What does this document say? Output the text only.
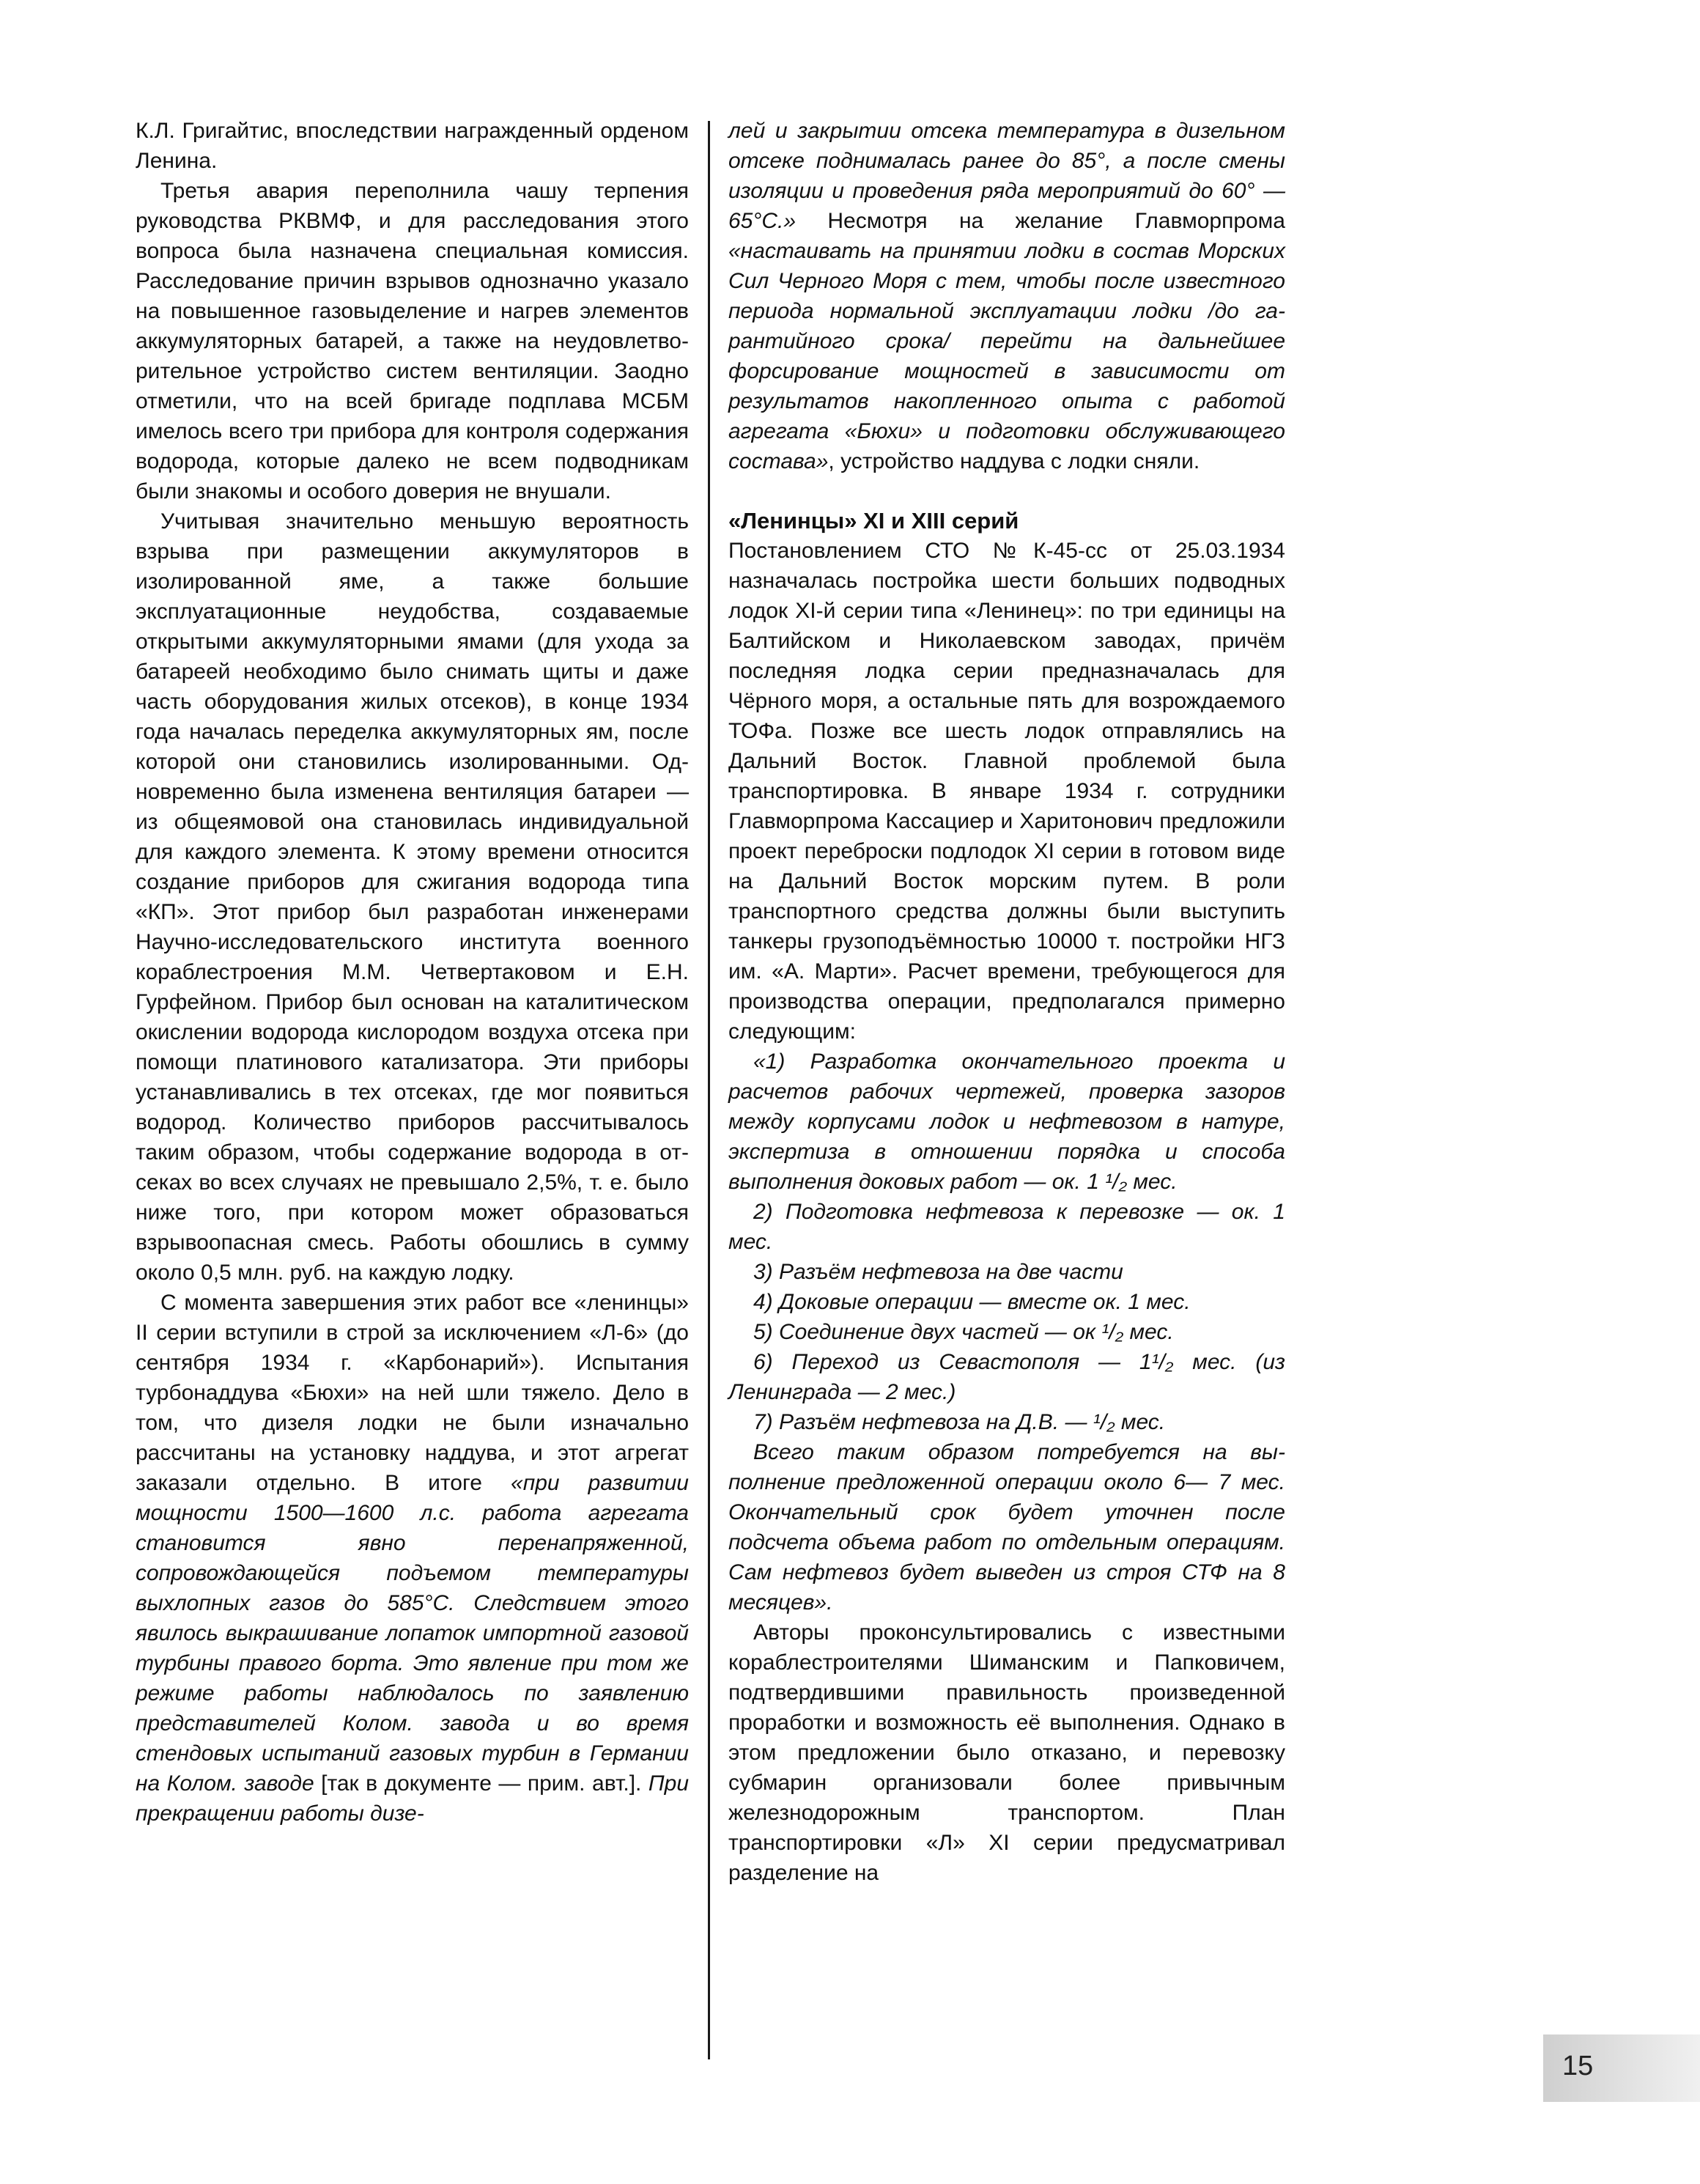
К.Л. Григайтис, впоследствии награжденный орденом Ленина.

Третья авария переполнила чашу терпения руководства РКВМФ, и для расследования этого вопроса была назначена специальная комиссия. Расследование причин взрывов однозначно указало на повышенное газовыделение и нагрев элементов аккумуляторных батарей, а также на неудовлетворительное устройство систем вентиляции. Заодно отметили, что на всей бригаде подплава МСБМ имелось всего три прибора для контроля содержания водорода, которые далеко не всем подводникам были знакомы и особого доверия не внушали.

Учитывая значительно меньшую вероятность взрыва при размещении аккумуляторов в изолированной яме, а также большие эксплуатационные неудобства, создаваемые открытыми аккумуляторными ямами (для ухода за батареей необходимо было снимать щиты и даже часть оборудования жилых отсеков), в конце 1934 года началась переделка аккумуляторных ям, после которой они становились изолированными. Одновременно была изменена вентиляция батареи — из общеямовой она становилась индивидуальной для каждого элемента. К этому времени относится создание приборов для сжигания водорода типа «КП». Этот прибор был разработан инженерами Научно-исследовательского института военного кораблестроения М.М. Четвертаковом и Е.Н. Гурфейном. Прибор был основан на каталитическом окислении водорода кислородом воздуха отсека при помощи платинового катализатора. Эти приборы устанавливались в тех отсеках, где мог появиться водород. Количество приборов рассчитывалось таким образом, чтобы содержание водорода в отсеках во всех случаях не превышало 2,5%, т. е. было ниже того, при котором может образоваться взрывоопасная смесь. Работы обошлись в сумму около 0,5 млн. руб. на каждую лодку.

С момента завершения этих работ все «ленинцы» II серии вступили в строй за исключением «Л-6» (до сентября 1934 г. «Карбонарий»). Испытания турбонаддува «Бюхи» на ней шли тяжело. Дело в том, что дизеля лодки не были изначально рассчитаны на установку наддува, и этот агрегат заказали отдельно. В итоге «при развитии мощности 1500—1600 л.с. работа агрегата становится явно перенапряженной, сопровождающейся подъемом температуры выхлопных газов до 585°С. Следствием этого явилось выкрашивание лопаток импортной газовой турбины правого борта. Это явление при том же режиме работы наблюдалось по заявлению представителей Колом. завода и во время стендовых испытаний газовых турбин в Германии на Колом. заводе [так в документе — прим. авт.]. При прекращении работы дизе-

лей и закрытии отсека температура в дизельном отсеке поднималась ранее до 85°, а после смены изоляции и проведения ряда мероприятий до 60° — 65°С.» Несмотря на желание Главморпрома «настаивать на принятии лодки в состав Морских Сил Черного Моря с тем, чтобы после известного периода нормальной эксплуатации лодки /до гарантийного срока/ перейти на дальнейшее форсирование мощностей в зависимости от результатов накопленного опыта с работой агрегата «Бюхи» и подготовки обслуживающего состава», устройство наддува с лодки сняли.

«Ленинцы» XI и XIII серий

Постановлением СТО №К-45-сс от 25.03.1934 назначалась постройка шести больших подводных лодок XI-й серии типа «Ленинец»: по три единицы на Балтийском и Николаевском заводах, причём последняя лодка серии предназначалась для Чёрного моря, а остальные пять для возрождаемого ТОФа. Позже все шесть лодок отправлялись на Дальний Восток. Главной проблемой была транспортировка. В январе 1934 г. сотрудники Главморпрома Кассациер и Харитонович предложили проект переброски подлодок XI серии в готовом виде на Дальний Восток морским путем. В роли транспортного средства должны были выступить танкеры грузоподъёмностью 10000 т. постройки НГЗ им. «А. Марти». Расчет времени, требующегося для производства операции, предполагался примерно следующим:

«1) Разработка окончательного проекта и расчетов рабочих чертежей, проверка зазоров между корпусами лодок и нефтевозом в натуре, экспертиза в отношении порядка и способа выполнения доковых работ — ок. 1 ¹/₂ мес.

2) Подготовка нефтевоза к перевозке — ок. 1 мес.

3) Разъём нефтевоза на две части

4) Доковые операции — вместе ок. 1 мес.

5) Соединение двух частей — ок ¹/₂ мес.

6) Переход из Севастополя — 1¹/₂ мес. (из Ленинграда — 2 мес.)

7) Разъём нефтевоза на Д.В. — ¹/₂ мес.

Всего таким образом потребуется на выполнение предложенной операции около 6— 7 мес. Окончательный срок будет уточнен после подсчета объема работ по отдельным операциям. Сам нефтевоз будет выведен из строя СТФ на 8 месяцев».

Авторы проконсультировались с известными кораблестроителями Шиманским и Папковичем, подтвердившими правильность произведенной проработки и возможность её выполнения. Однако в этом предложении было отказано, и перевозку субмарин организовали более привычным железнодорожным транспортом. План транспортировки «Л» XI серии предусматривал разделение на

15
